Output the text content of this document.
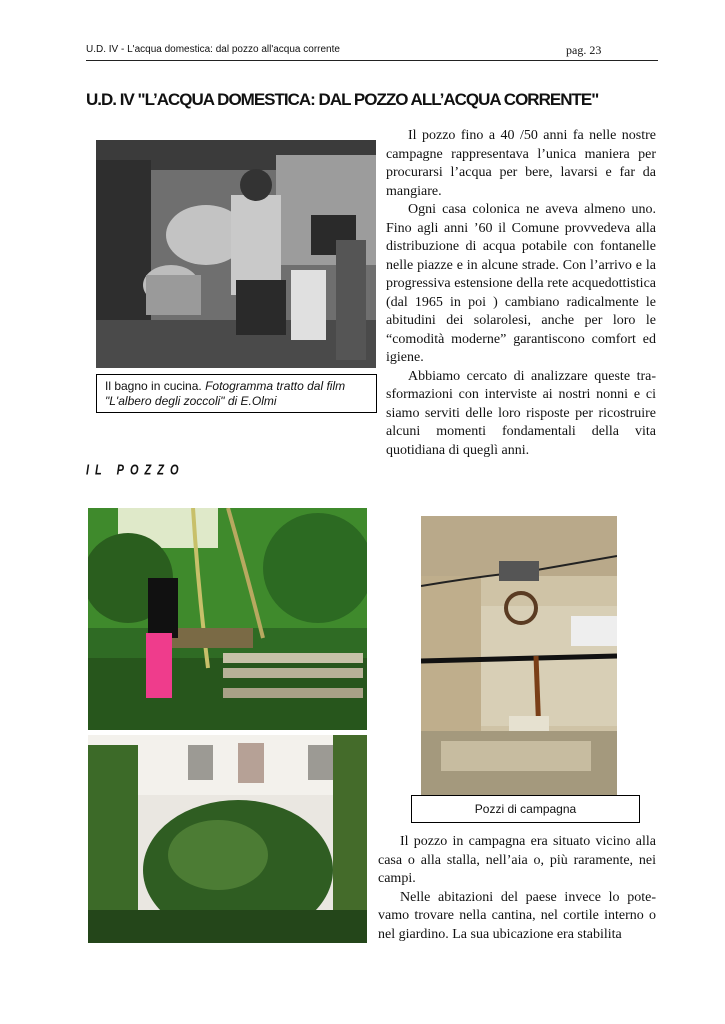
U.D. IV - L'acqua domestica: dal pozzo all'acqua corrente	pag. 23
U.D. IV "L’ACQUA DOMESTICA: DAL POZZO ALL’ACQUA CORRENTE"
Il bagno in cucina. Fotogramma tratto dal film "L'albero degli zoccoli" di E.Olmi

Il pozzo fino a 40 /50 anni fa nelle nostre campagne rappresentava l’unica maniera per procurarsi l’acqua per bere, lavarsi e far da mangiare.

Ogni casa colonica ne aveva almeno uno. Fino agli anni ’60 il Comune provvedeva alla distribuzione di acqua potabile con fontanelle nelle piazze e in alcune strade. Con l’arrivo e la progressiva estensione della rete acquedottistica (dal 1965 in poi ) cambiano radicalmente le abitudini dei solarolesi, anche per loro le “comodità moderne” garantiscono comfort ed igiene.

Abbiamo cercato di analizzare queste trasformazioni con interviste ai nostri nonni e ci siamo serviti delle loro risposte per ricostruire alcuni momenti fondamentali della vita quotidiana di queglì anni.

IL POZZO
Pozzi di campagna

Il pozzo in campagna era situato vicino alla casa o alla stalla, nell’aia o, più raramente, nei campi.

Nelle abitazioni del paese invece lo potevamo trovare nella cantina, nel cortile interno o nel giardino. La sua ubicazione era stabilita
